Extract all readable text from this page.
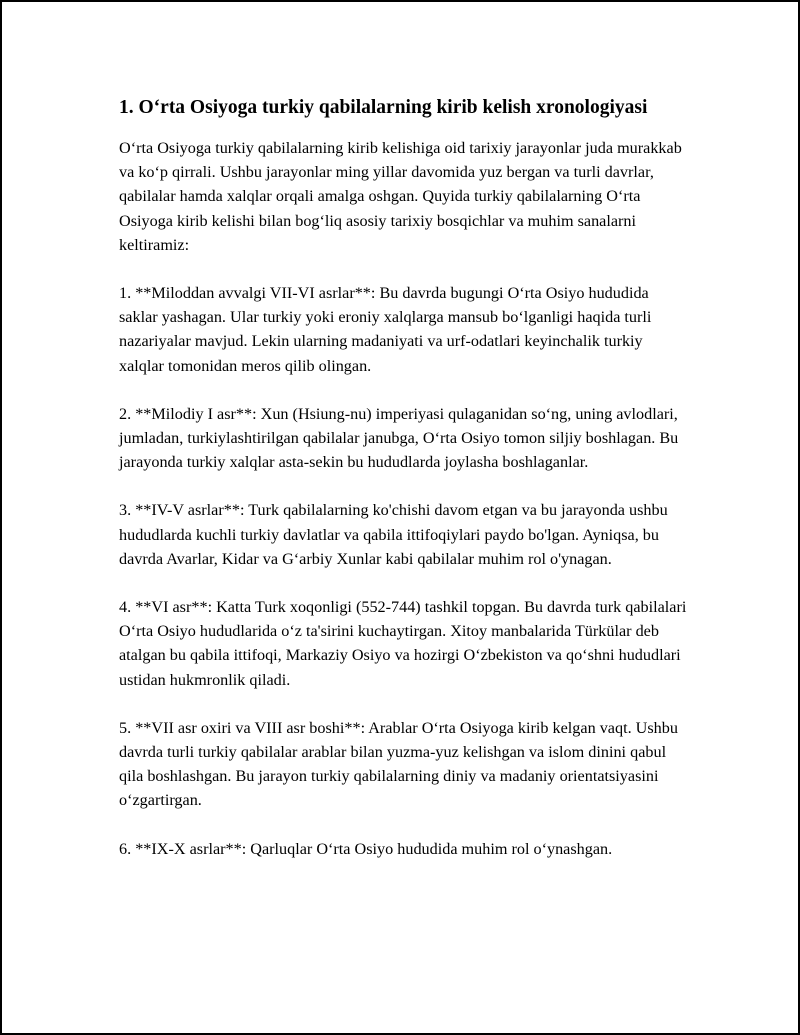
1. O‘rta Osiyoga turkiy qabilalarning kirib kelish xronologiyasi

O‘rta Osiyoga turkiy qabilalarning kirib kelishiga oid tarixiy jarayonlar juda murakkab va ko‘p qirrali. Ushbu jarayonlar ming yillar davomida yuz bergan va turli davrlar, qabilalar hamda xalqlar orqali amalga oshgan. Quyida turkiy qabilalarning O‘rta Osiyoga kirib kelishi bilan bog‘liq asosiy tarixiy bosqichlar va muhim sanalarni keltiramiz:

1. **Miloddan avvalgi VII-VI asrlar**: Bu davrda bugungi O‘rta Osiyo hududida saklar yashagan. Ular turkiy yoki eroniy xalqlarga mansub bo‘lganligi haqida turli nazariyalar mavjud. Lekin ularning madaniyati va urf-odatlari keyinchalik turkiy xalqlar tomonidan meros qilib olingan.

2. **Milodiy I asr**: Xun (Hsiung-nu) imperiyasi qulaganidan so‘ng, uning avlodlari, jumladan, turkiylashtirilgan qabilalar janubga, O‘rta Osiyo tomon siljiy boshlagan. Bu jarayonda turkiy xalqlar asta-sekin bu hududlarda joylasha boshlaganlar.

3. **IV-V asrlar**: Turk qabilalarning ko'chishi davom etgan va bu jarayonda ushbu hududlarda kuchli turkiy davlatlar va qabila ittifoqiylari paydo bo'lgan. Ayniqsa, bu davrda Avarlar, Kidar va G‘arbiy Xunlar kabi qabilalar muhim rol o'ynagan.

4. **VI asr**: Katta Turk xoqonligi (552-744) tashkil topgan. Bu davrda turk qabilalari O‘rta Osiyo hududlarida o‘z ta'sirini kuchaytirgan. Xitoy manbalarida Türkülar deb atalgan bu qabila ittifoqi, Markaziy Osiyo va hozirgi O‘zbekiston va qo‘shni hududlari ustidan hukmronlik qiladi.

5. **VII asr oxiri va VIII asr boshi**: Arablar O‘rta Osiyoga kirib kelgan vaqt. Ushbu davrda turli turkiy qabilalar arablar bilan yuzma-yuz kelishgan va islom dinini qabul qila boshlashgan. Bu jarayon turkiy qabilalarning diniy va madaniy orientatsiyasini o‘zgartirgan.

6. **IX-X asrlar**: Qarluqlar O‘rta Osiyo hududida muhim rol o‘ynashgan.
